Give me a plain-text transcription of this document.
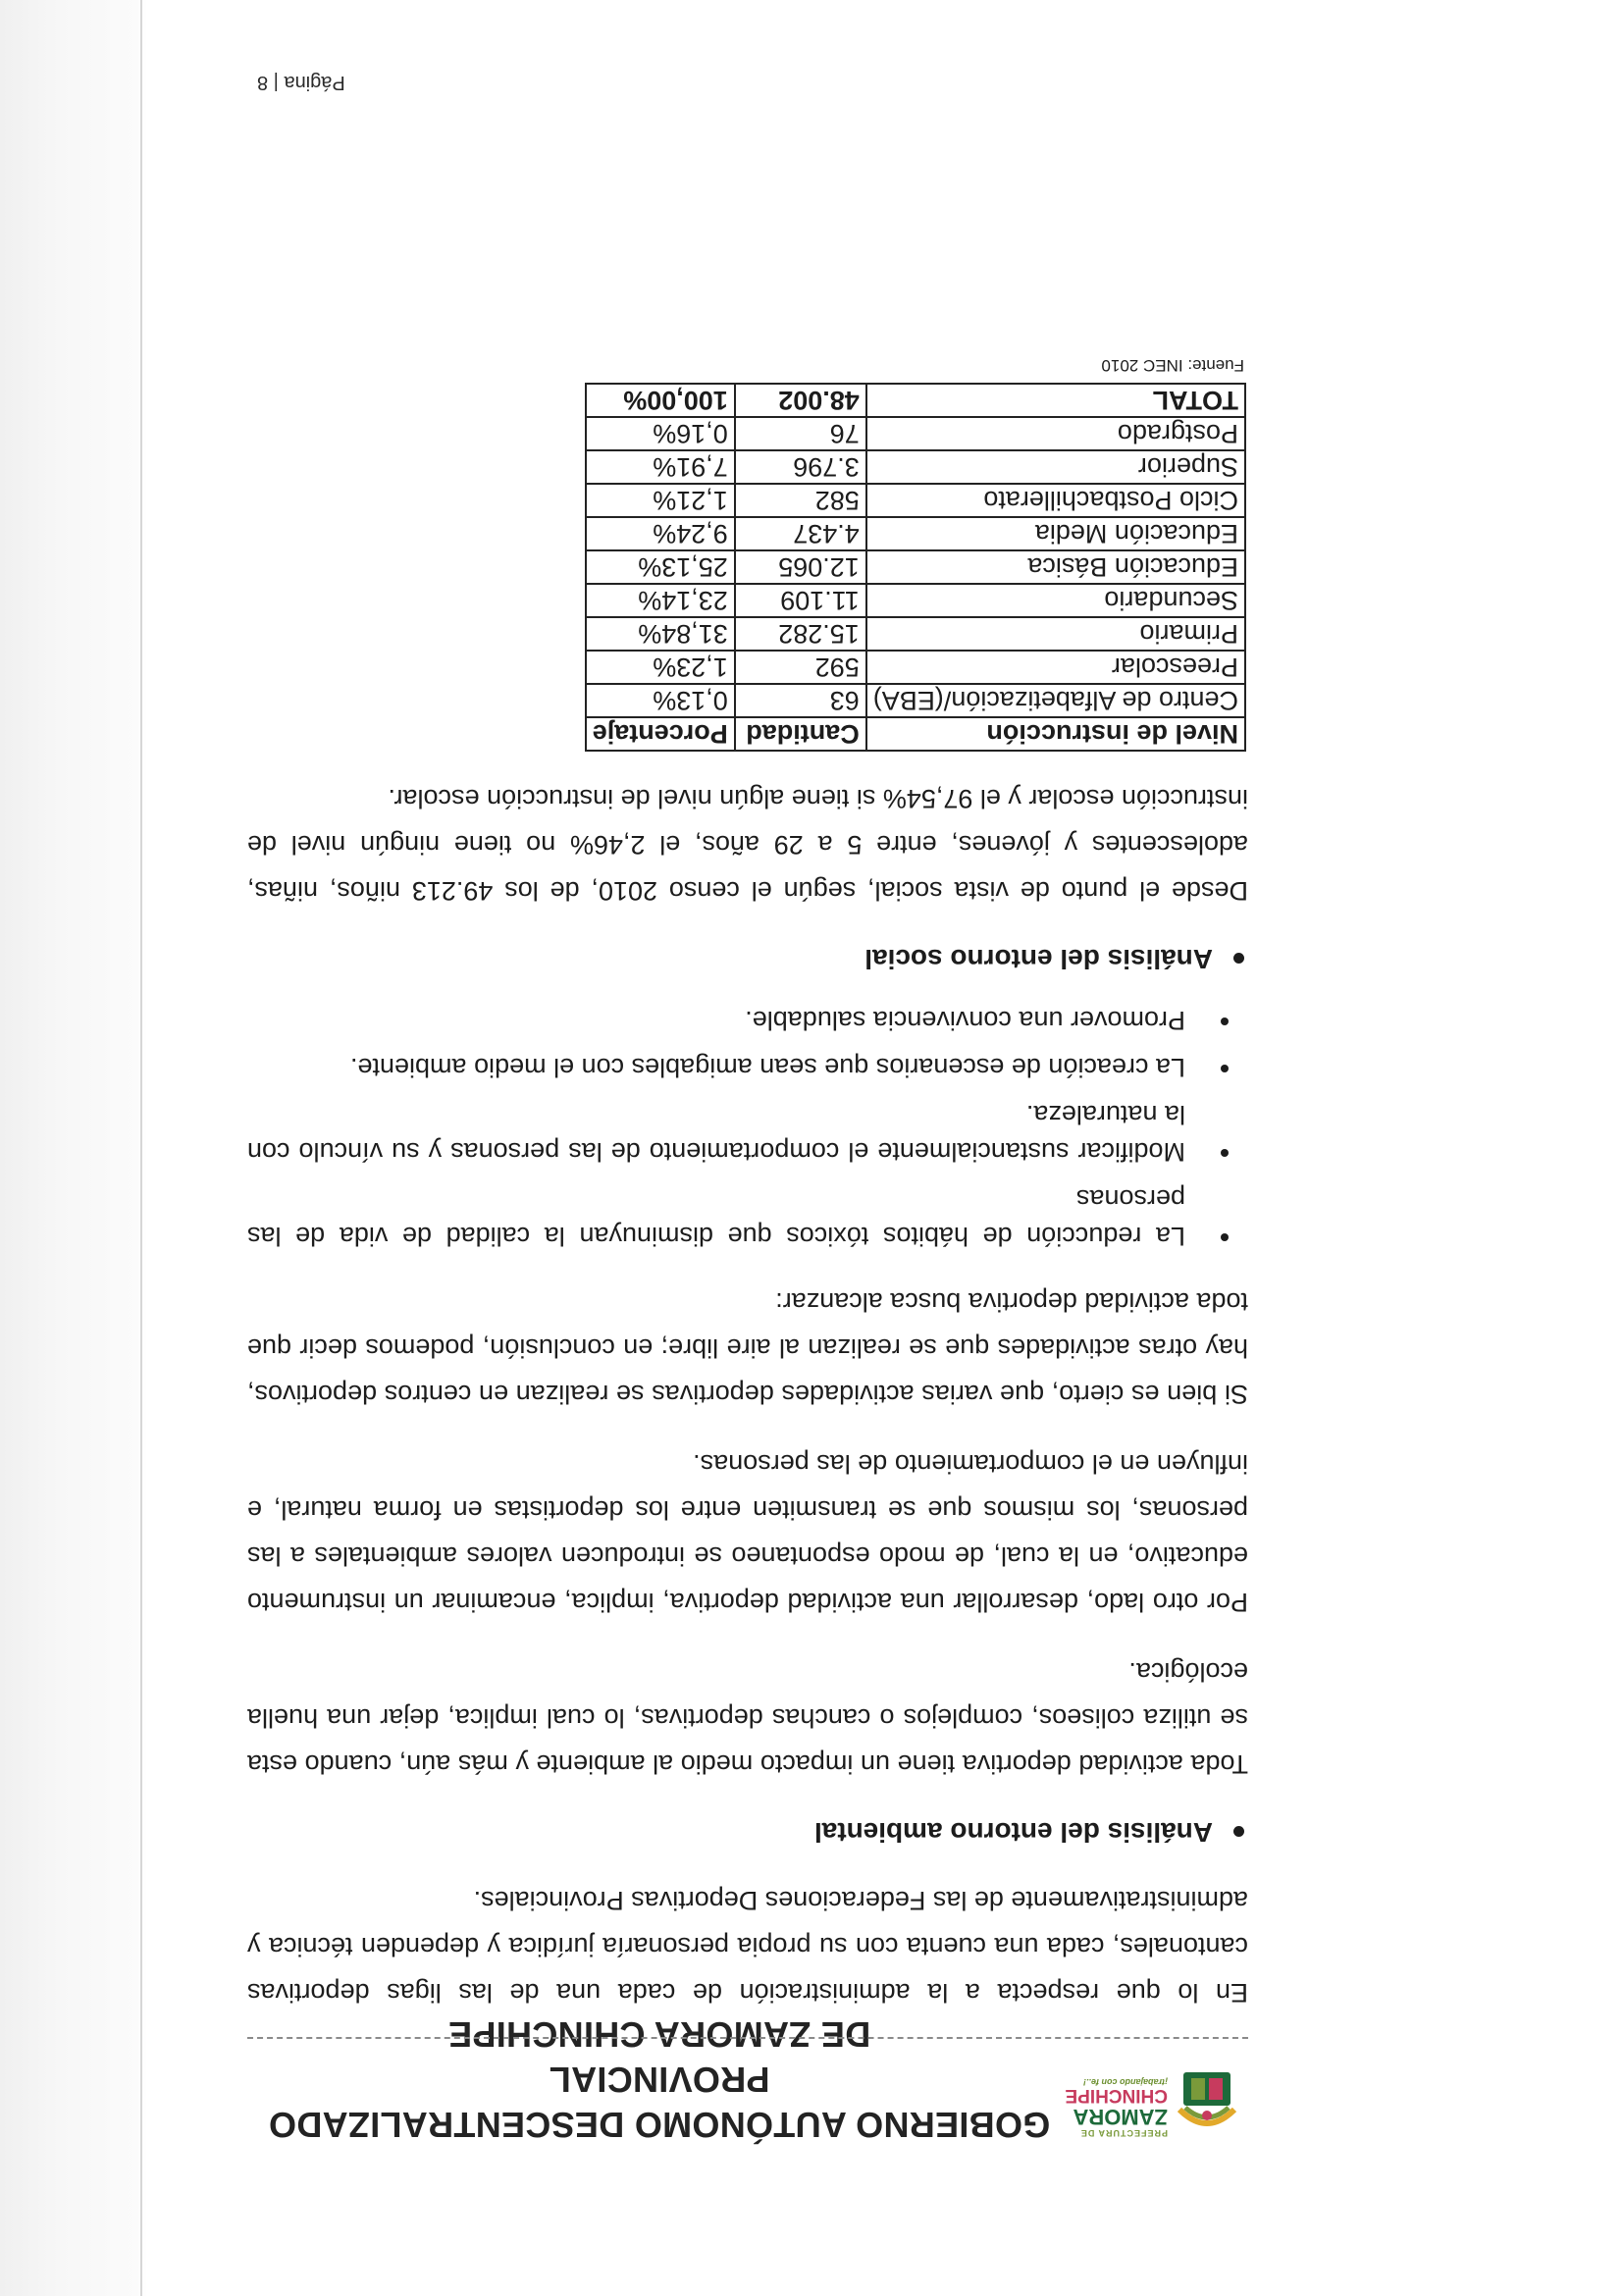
PREFECTURA DE
ZAMORA
CHINCHIPE
¡trabajando con fe..!
GOBIERNO AUTÓNOMO DESCENTRALIZADO PROVINCIAL
DE ZAMORA CHINCHIPE

En lo que respecta a la administración de cada una de las ligas deportivas cantonales, cada una cuenta con su propia personaría jurídica y dependen técnica y administrativamente de las Federaciones Deportivas Provinciales.

Análisis del entorno ambiental

Toda actividad deportiva tiene un impacto medio al ambiente y más aún, cuando esta se utiliza coliseos, complejos o canchas deportivas, lo cual implica, dejar una huella ecológica.

Por otro lado, desarrollar una actividad deportiva, implica, encaminar un instrumento educativo, en la cual, de modo espontaneo se introducen valores ambientales a las personas, los mismos que se transmiten entre los deportistas en forma natural, e influyen en el comportamiento de las personas.

Si bien es cierto, que varias actividades deportivas se realizan en centros deportivos, hay otras actividades que se realizan al aire libre; en conclusión, podemos decir que toda actividad deportiva busca alcanzar:

La reducción de hábitos tóxicos que disminuyan la calidad de vida de las personas
Modificar sustancialmente el comportamiento de las personas y su vínculo con la naturaleza.
La creación de escenarios que sean amigables con el medio ambiente.
Promover una convivencia saludable.
Análisis del entorno social

Desde el punto de vista social, según el censo 2010, de los 49.213 niños, niñas, adolescentes y jóvenes, entre 5 a 29 años, el 2,46% no tiene ningún nivel de instrucción escolar y el 97,54% si tiene algún nivel de instrucción escolar.

Nivel de instrucción	Cantidad	Porcentaje
Centro de Alfabetización/(EBA)	63	0,13%
Preescolar	592	1,23%
Primario	15.282	31,84%
Secundario	11.109	23,14%
Educación Básica	12.065	25,13%
Educación Media	4.437	9,24%
Ciclo Postbachillerato	582	1,21%
Superior	3.796	7,91%
Postgrado	76	0,16%
TOTAL	48.002	100,00%
Fuente: INEC 2010
Página | 8
